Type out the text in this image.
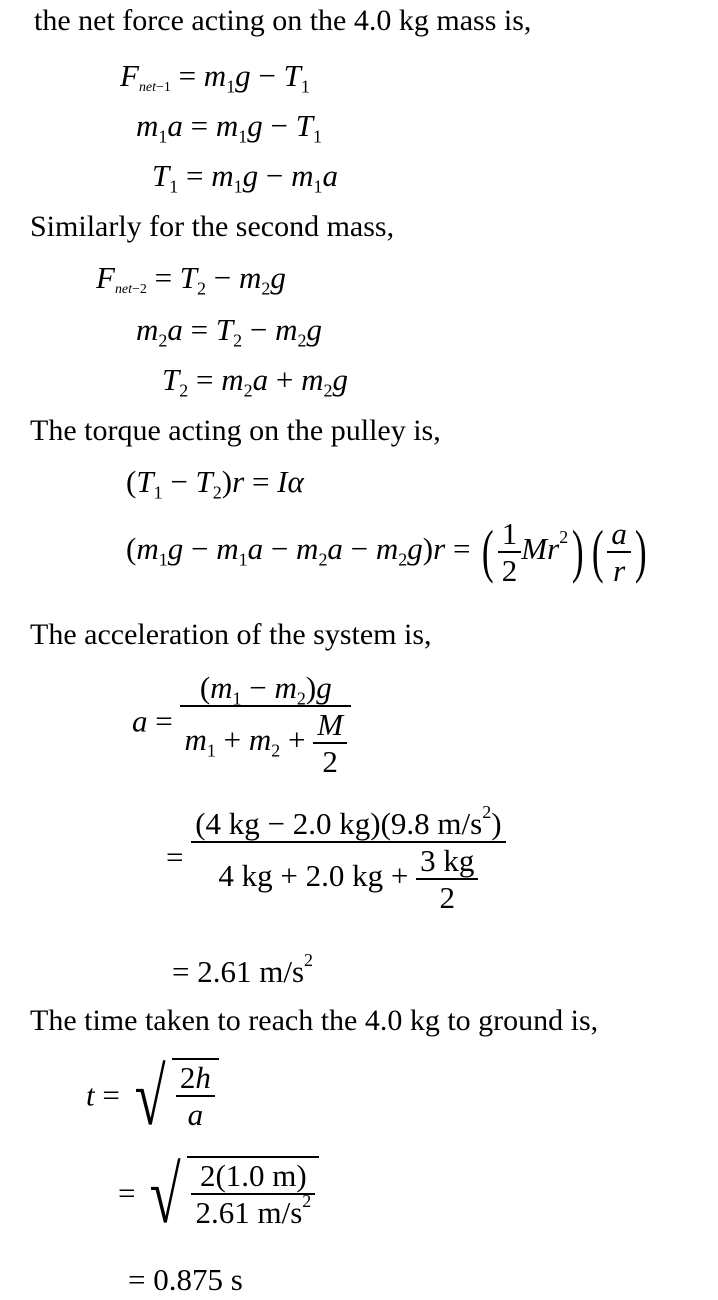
the net force acting on the 4.0 kg mass is,
$F_{net-1} = m_1g - T_1$
$m_1a = m_1g - T_1$
$T_1 = m_1g - m_1a$
Similarly for the second mass,
$F_{net-2} = T_2 - m_2g$
$m_2a = T_2 - m_2g$
$T_2 = m_2a + m_2g$
The torque acting on the pulley is,
$(T_1 - T_2)r = I\alpha$
$(m_1g - m_1a - m_2a - m_2g)r$ = ( $\frac{1}{2} Mr^2$) ( $\frac{a}{r}$ )
The acceleration of the system is,
$a = \frac{(m_1 - m_2)g}{m_1 + m_2 + \frac{M}{2}}$
= $\frac{(4 kg - 2.0 kg)(9.8 m/s^2)}{4 kg + 2.0 kg + \frac{3 kg}{2}}$
= 2.61 $m/s^2$
The time taken to reach the 4.0 kg to ground is,
t = √ $\frac{2h}{a}$
= √ $\frac{2(1.0 m)}{2.61 m/s^2}$
= 0.875 s
